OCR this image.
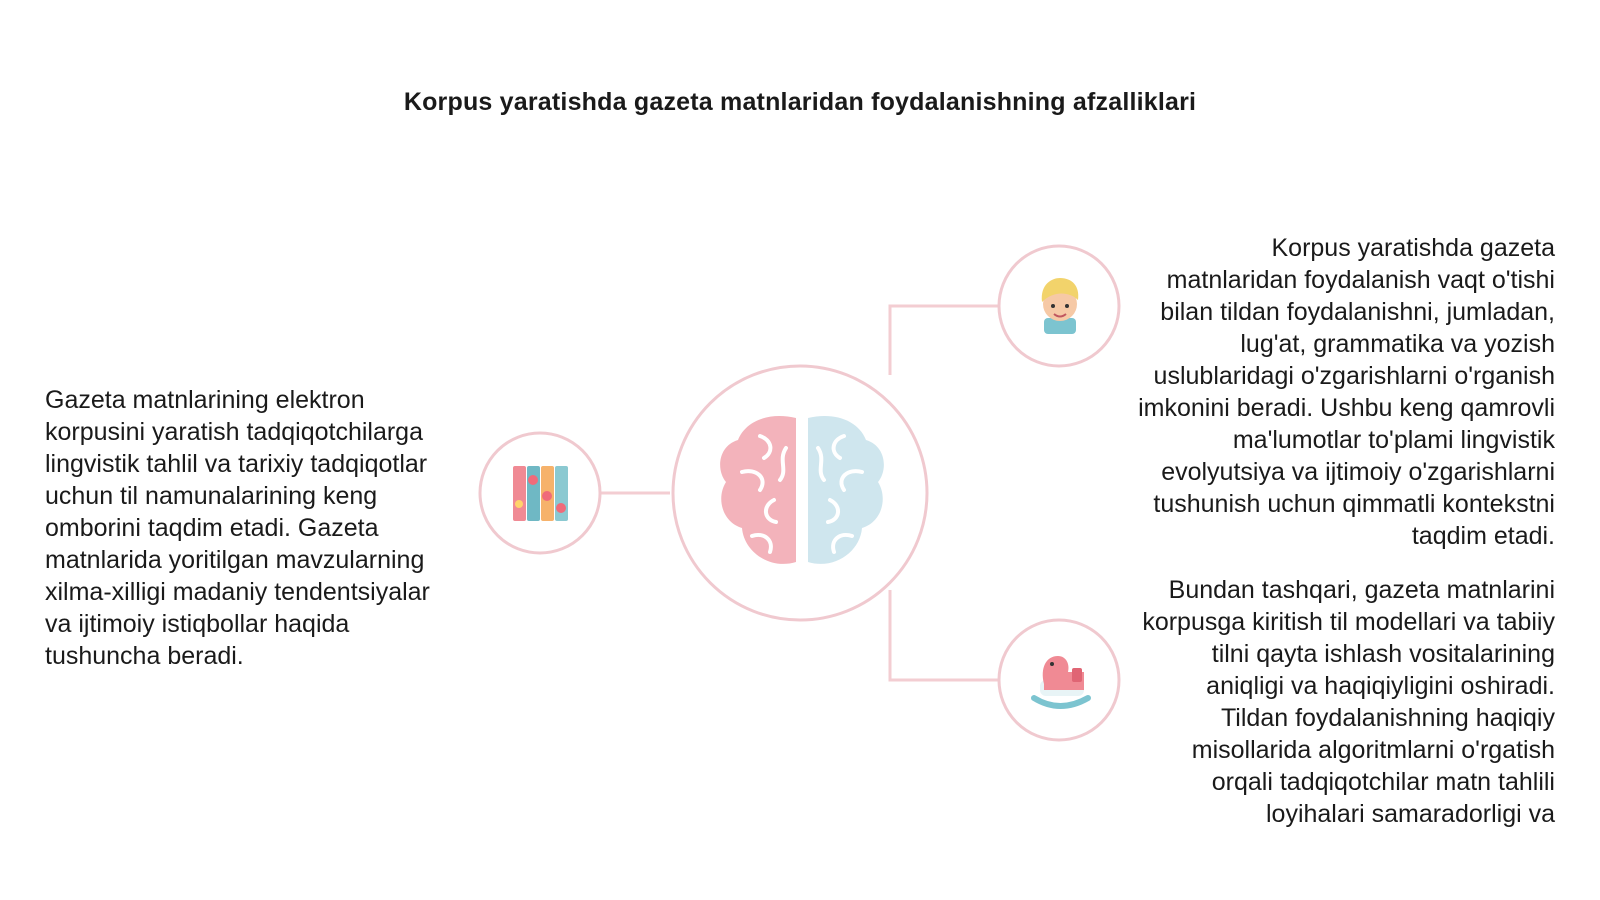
Korpus yaratishda gazeta matnlaridan foydalanishning afzalliklari
Gazeta matnlarining elektron korpusini yaratish tadqiqotchilarga lingvistik tahlil va tarixiy tadqiqotlar uchun til namunalarining keng omborini taqdim etadi. Gazeta matnlarida yoritilgan mavzularning xilma-xilligi madaniy tendentsiyalar va ijtimoiy istiqbollar haqida tushuncha beradi.
Korpus yaratishda gazeta matnlaridan foydalanish vaqt o'tishi bilan tildan foydalanishni, jumladan, lug'at, grammatika va yozish uslublaridagi o'zgarishlarni o'rganish imkonini beradi. Ushbu keng qamrovli ma'lumotlar to'plami lingvistik evolyutsiya va ijtimoiy o'zgarishlarni tushunish uchun qimmatli kontekstni taqdim etadi.
Bundan tashqari, gazeta matnlarini korpusga kiritish til modellari va tabiiy tilni qayta ishlash vositalarining aniqligi va haqiqiyligini oshiradi. Tildan foydalanishning haqiqiy misollarida algoritmlarni o'rgatish orqali tadqiqotchilar matn tahlili loyihalari samaradorligi va
